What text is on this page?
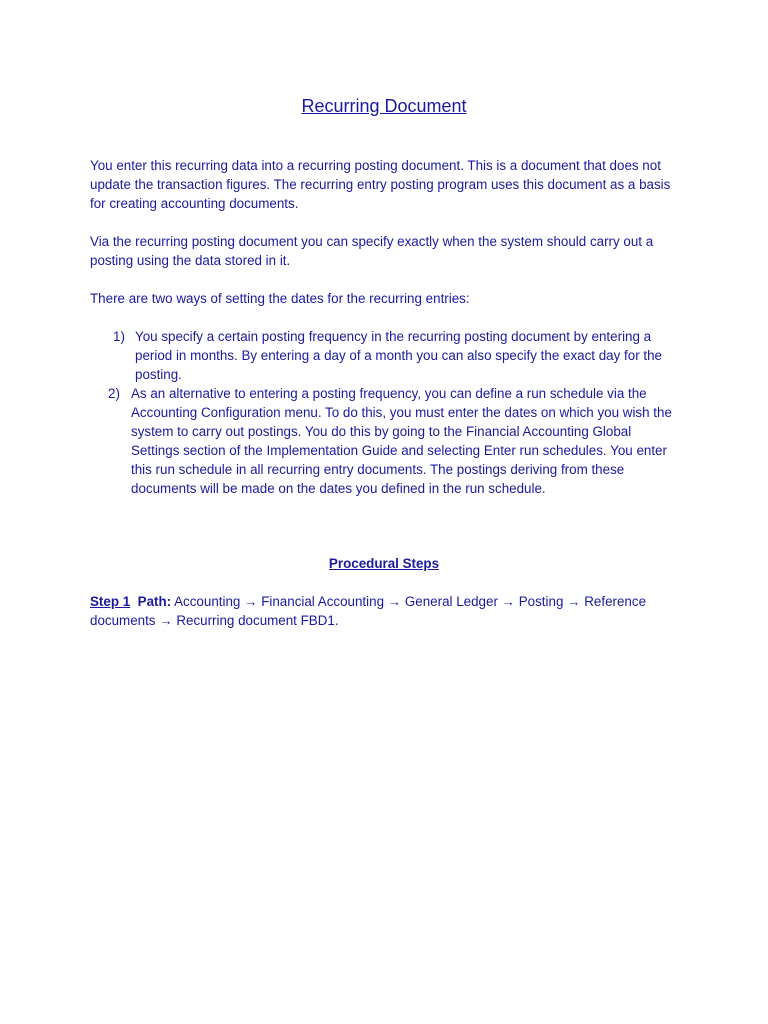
Recurring Document

You enter this recurring data into a recurring posting document. This is a document that does not update the transaction figures. The recurring entry posting program uses this document as a basis for creating accounting documents.

Via the recurring posting document you can specify exactly when the system should carry out a posting using the data stored in it.

There are two ways of setting the dates for the recurring entries:

1) You specify a certain posting frequency in the recurring posting document by entering a period in months. By entering a day of a month you can also specify the exact day for the posting.
2) As an alternative to entering a posting frequency, you can define a run schedule via the Accounting Configuration menu. To do this, you must enter the dates on which you wish the system to carry out postings. You do this by going to the Financial Accounting Global Settings section of the Implementation Guide and selecting Enter run schedules. You enter this run schedule in all recurring entry documents. The postings deriving from these documents will be made on the dates you defined in the run schedule.
Procedural Steps
Step 1 Path: Accounting → Financial Accounting → General Ledger → Posting → Reference documents → Recurring document FBD1.
